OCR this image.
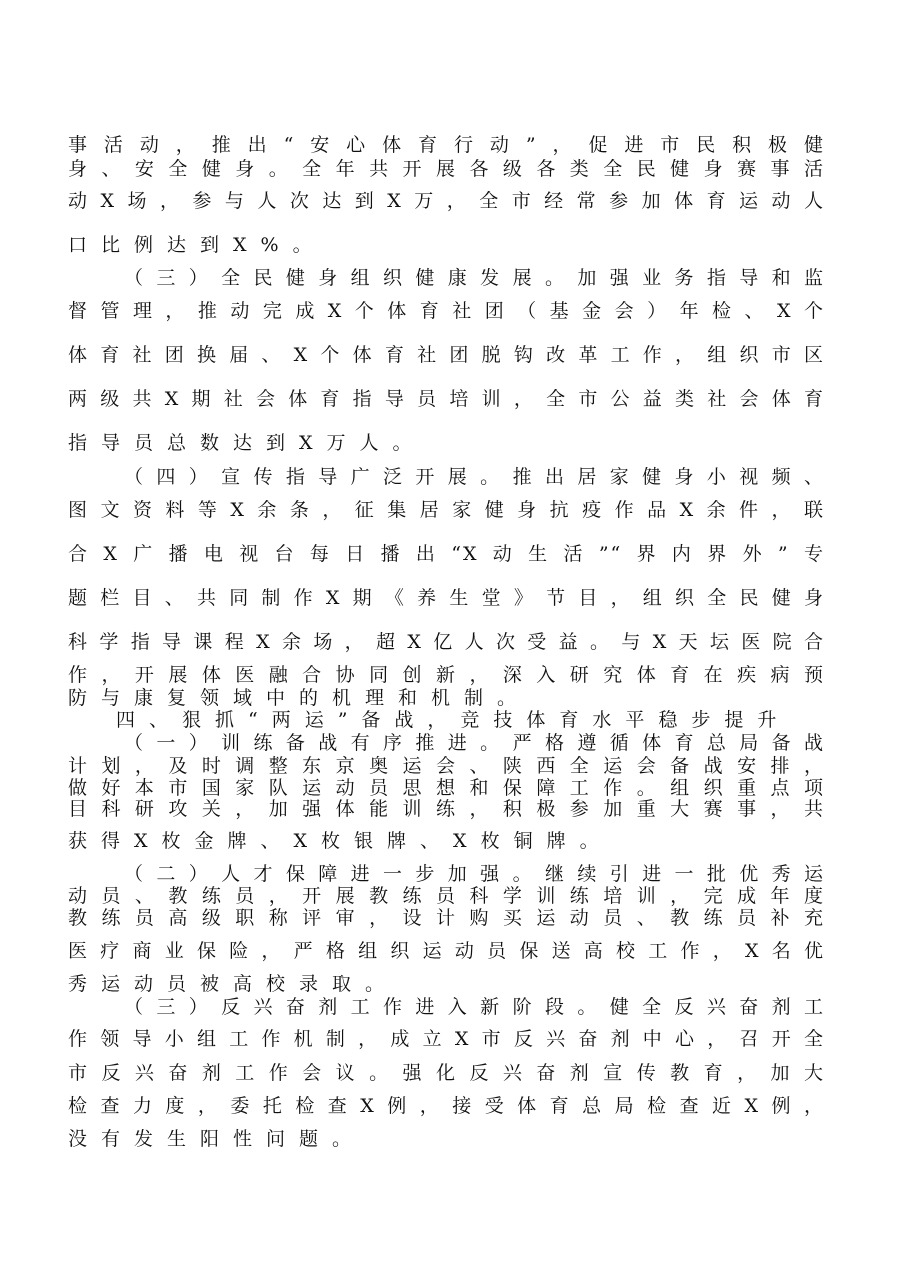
事活动，推出“安心体育行动”，促进市民积极健
身、安全健身。全年共开展各级各类全民健身赛事活
动X场，参与人次达到X万，全市经常参加体育运动人
口比例达到X%。
（三）全民健身组织健康发展。加强业务指导和监
督管理，推动完成X个体育社团（基金会）年检、X个
体育社团换届、X个体育社团脱钩改革工作，组织市区
两级共X期社会体育指导员培训，全市公益类社会体育
指导员总数达到X万人。
（四）宣传指导广泛开展。推出居家健身小视频、
图文资料等X余条，征集居家健身抗疫作品X余件，联
合X广播电视台每日播出“X动生活”“界内界外”专
题栏目、共同制作X期《养生堂》节目，组织全民健身
科学指导课程X余场，超X亿人次受益。与X天坛医院合
作，开展体医融合协同创新，深入研究体育在疾病预
防与康复领域中的机理和机制。
四、狠抓“两运”备战，竞技体育水平稳步提升
（一）训练备战有序推进。严格遵循体育总局备战
计划，及时调整东京奥运会、陕西全运会备战安排，
做好本市国家队运动员思想和保障工作。组织重点项
目科研攻关，加强体能训练，积极参加重大赛事，共
获得X枚金牌、X枚银牌、X枚铜牌。
（二）人才保障进一步加强。继续引进一批优秀运
动员、教练员，开展教练员科学训练培训，完成年度
教练员高级职称评审，设计购买运动员、教练员补充
医疗商业保险，严格组织运动员保送高校工作，X名优
秀运动员被高校录取。
（三）反兴奋剂工作进入新阶段。健全反兴奋剂工
作领导小组工作机制，成立X市反兴奋剂中心，召开全
市反兴奋剂工作会议。强化反兴奋剂宣传教育，加大
检查力度，委托检查X例，接受体育总局检查近X例，
没有发生阳性问题。
